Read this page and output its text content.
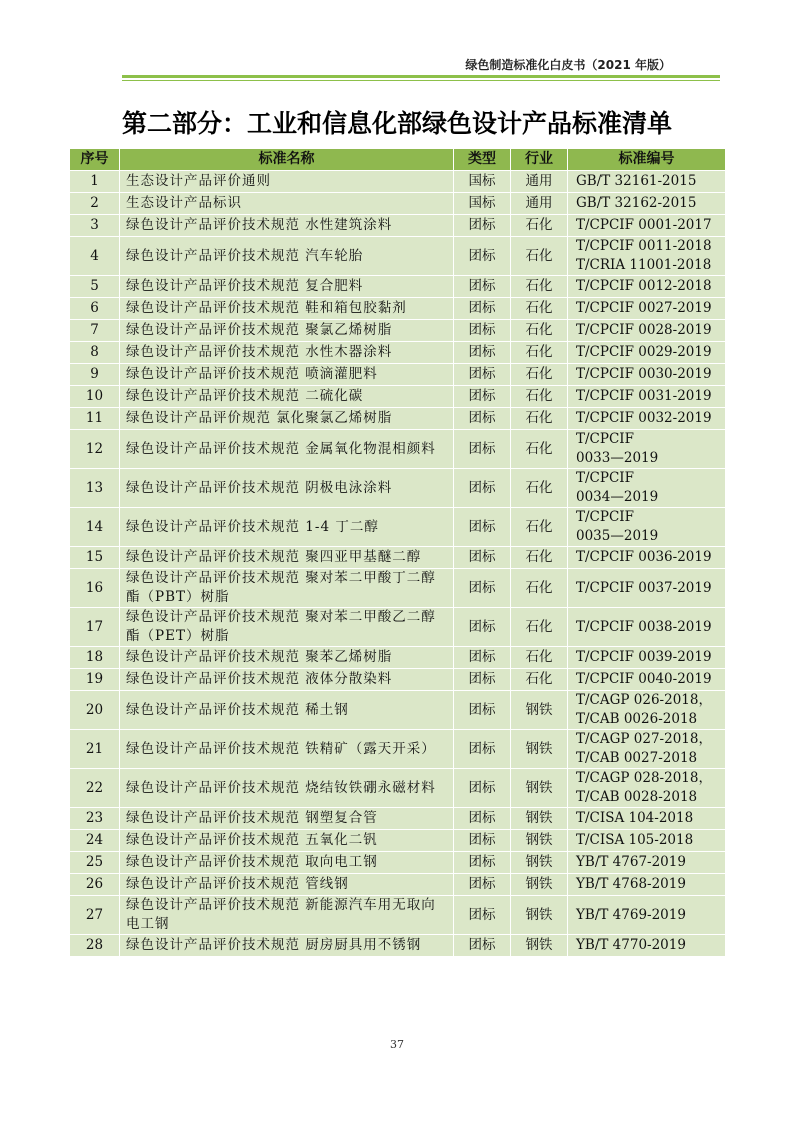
绿色制造标准化白皮书（2021 年版）
第二部分：工业和信息化部绿色设计产品标准清单
序号	标准名称	类型	行业	标准编号
1	生态设计产品评价通则	国标	通用	GB/T 32161-2015
2	生态设计产品标识	国标	通用	GB/T 32162-2015
3	绿色设计产品评价技术规范 水性建筑涂料	团标	石化	T/CPCIF 0001-2017
4	绿色设计产品评价技术规范 汽车轮胎	团标	石化	T/CPCIF 0011-2018
T/CRIA 11001-2018
5	绿色设计产品评价技术规范 复合肥料	团标	石化	T/CPCIF 0012-2018
6	绿色设计产品评价技术规范 鞋和箱包胶黏剂	团标	石化	T/CPCIF 0027-2019
7	绿色设计产品评价技术规范 聚氯乙烯树脂	团标	石化	T/CPCIF 0028-2019
8	绿色设计产品评价技术规范 水性木器涂料	团标	石化	T/CPCIF 0029-2019
9	绿色设计产品评价技术规范 喷滴灌肥料	团标	石化	T/CPCIF 0030-2019
10	绿色设计产品评价技术规范 二硫化碳	团标	石化	T/CPCIF 0031-2019
11	绿色设计产品评价规范 氯化聚氯乙烯树脂	团标	石化	T/CPCIF 0032-2019
12	绿色设计产品评价技术规范 金属氧化物混相颜料	团标	石化	T/CPCIF
0033—2019
13	绿色设计产品评价技术规范 阴极电泳涂料	团标	石化	T/CPCIF
0034—2019
14	绿色设计产品评价技术规范 1-4 丁二醇	团标	石化	T/CPCIF
0035—2019
15	绿色设计产品评价技术规范 聚四亚甲基醚二醇	团标	石化	T/CPCIF 0036-2019
16	绿色设计产品评价技术规范 聚对苯二甲酸丁二醇酯（PBT）树脂	团标	石化	T/CPCIF 0037-2019
17	绿色设计产品评价技术规范 聚对苯二甲酸乙二醇酯（PET）树脂	团标	石化	T/CPCIF 0038-2019
18	绿色设计产品评价技术规范 聚苯乙烯树脂	团标	石化	T/CPCIF 0039-2019
19	绿色设计产品评价技术规范 液体分散染料	团标	石化	T/CPCIF 0040-2019
20	绿色设计产品评价技术规范 稀土钢	团标	钢铁	T/CAGP 026-2018，
T/CAB 0026-2018
21	绿色设计产品评价技术规范 铁精矿（露天开采）	团标	钢铁	T/CAGP 027-2018，
T/CAB 0027-2018
22	绿色设计产品评价技术规范 烧结钕铁硼永磁材料	团标	钢铁	T/CAGP 028-2018，
T/CAB 0028-2018
23	绿色设计产品评价技术规范 钢塑复合管	团标	钢铁	T/CISA 104-2018
24	绿色设计产品评价技术规范 五氧化二钒	团标	钢铁	T/CISA 105-2018
25	绿色设计产品评价技术规范 取向电工钢	团标	钢铁	YB/T 4767-2019
26	绿色设计产品评价技术规范 管线钢	团标	钢铁	YB/T 4768-2019
27	绿色设计产品评价技术规范 新能源汽车用无取向电工钢	团标	钢铁	YB/T 4769-2019
28	绿色设计产品评价技术规范 厨房厨具用不锈钢	团标	钢铁	YB/T 4770-2019
37
